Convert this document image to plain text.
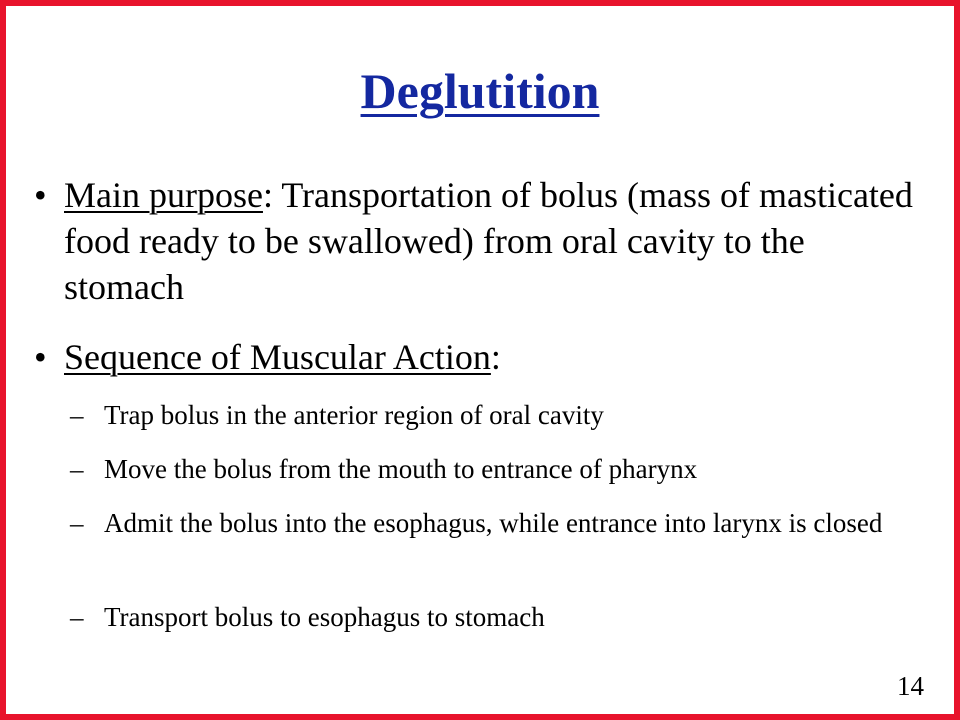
Deglutition
• Main purpose: Transportation of bolus (mass of masticated food ready to be swallowed) from oral cavity to the stomach
• Sequence of Muscular Action:
– Trap bolus in the anterior region of oral cavity
– Move the bolus from the mouth to entrance of pharynx
– Admit the bolus into the esophagus, while entrance into larynx is closed
– Transport bolus to esophagus to stomach
14
